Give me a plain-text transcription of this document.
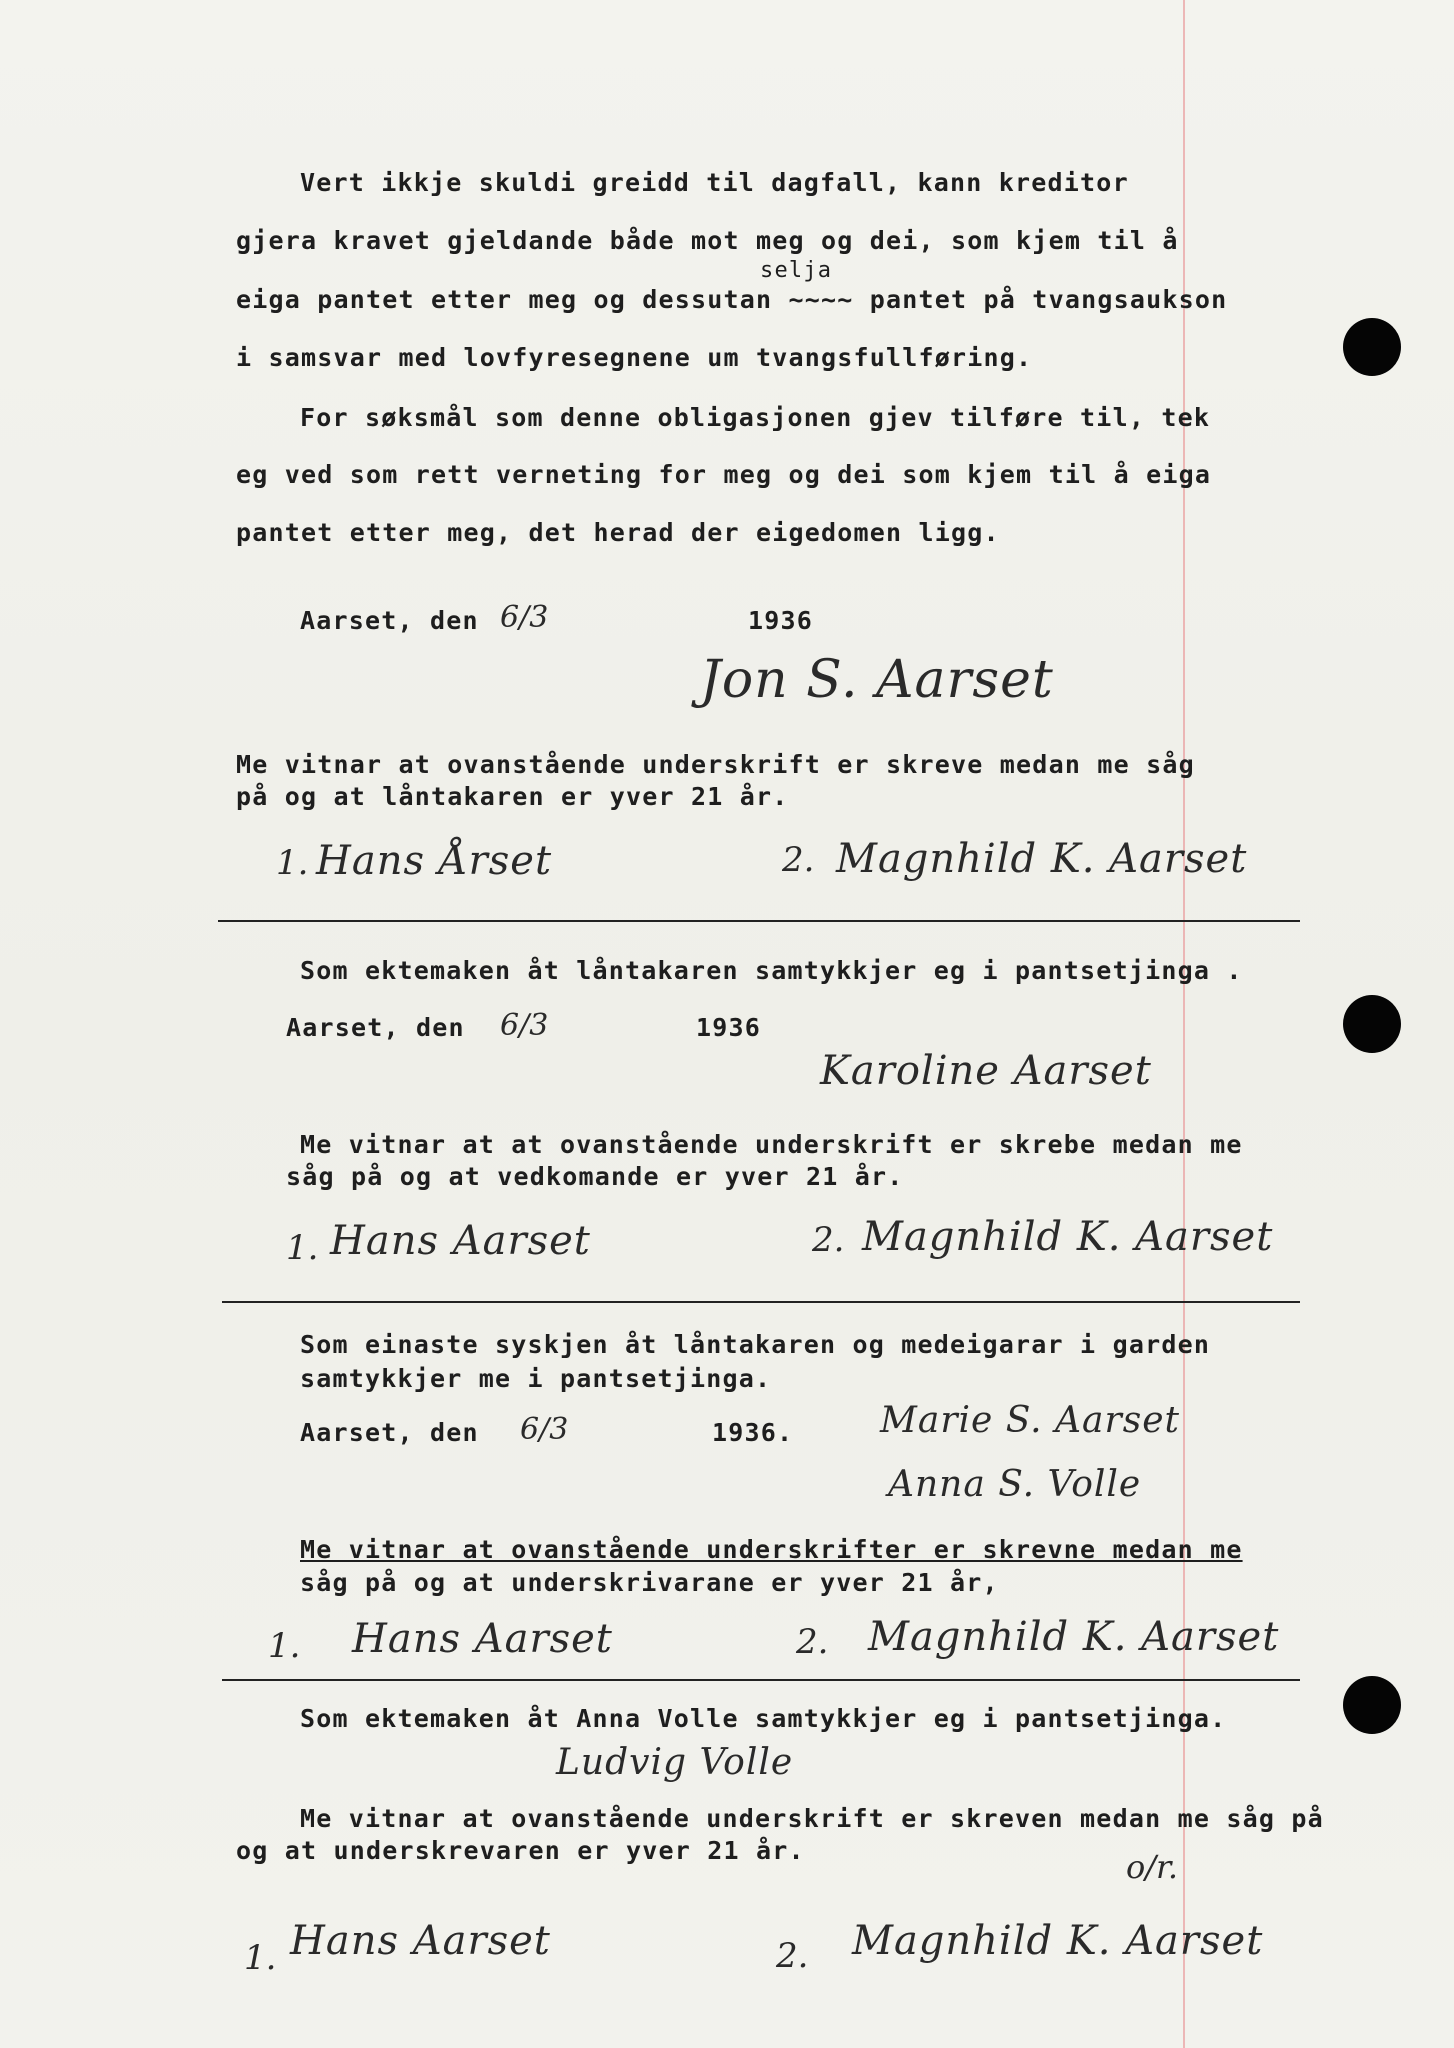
Vert ikkje skuldi greidd til dagfall, kann kreditor
gjera kravet gjeldande både mot meg og dei, som kjem til å
selja
eiga pantet etter meg og dessutan ~~~~ pantet på tvangsaukson
i samsvar med lovfyresegnene um tvangsfullføring.
For søksmål som denne obligasjonen gjev tilføre til, tek
eg ved som rett verneting for meg og dei som kjem til å eiga
pantet etter meg, det herad der eigedomen ligg.
Aarset, den 6/3	1936
Jon S. Aarset
Me vitnar at ovanstående underskrift er skreve medan me såg
på og at låntakaren er yver 21 år.
1. Hans Årset	2. Magnhild K. Aarset
Som ektemaken åt låntakaren samtykkjer eg i pantsetjinga .
Aarset, den 6/3	1936
Karoline Aarset
Me vitnar at at ovanstående underskrift er skrebe medan me
såg på og at vedkomande er yver 21 år.
1. Hans Aarset	2. Magnhild K. Aarset
Som einaste syskjen åt låntakaren og medeigarar i garden
samtykkjer me i pantsetjinga.
Aarset, den 6/3	1936. Marie S. Aarset
Anna S. Volle
Me vitnar at ovanstående underskrifter er skrevne medan me
såg på og at underskrivarane er yver 21 år,
1. Hans Aarset	2. Magnhild K. Aarset
Som ektemaken åt Anna Volle samtykkjer eg i pantsetjinga.
Ludvig Volle
Me vitnar at ovanstående underskrift er skreven medan me såg på
og at underskrevaren er yver 21 år.	o/r.
1. Hans Aarset	2. Magnhild K. Aarset
